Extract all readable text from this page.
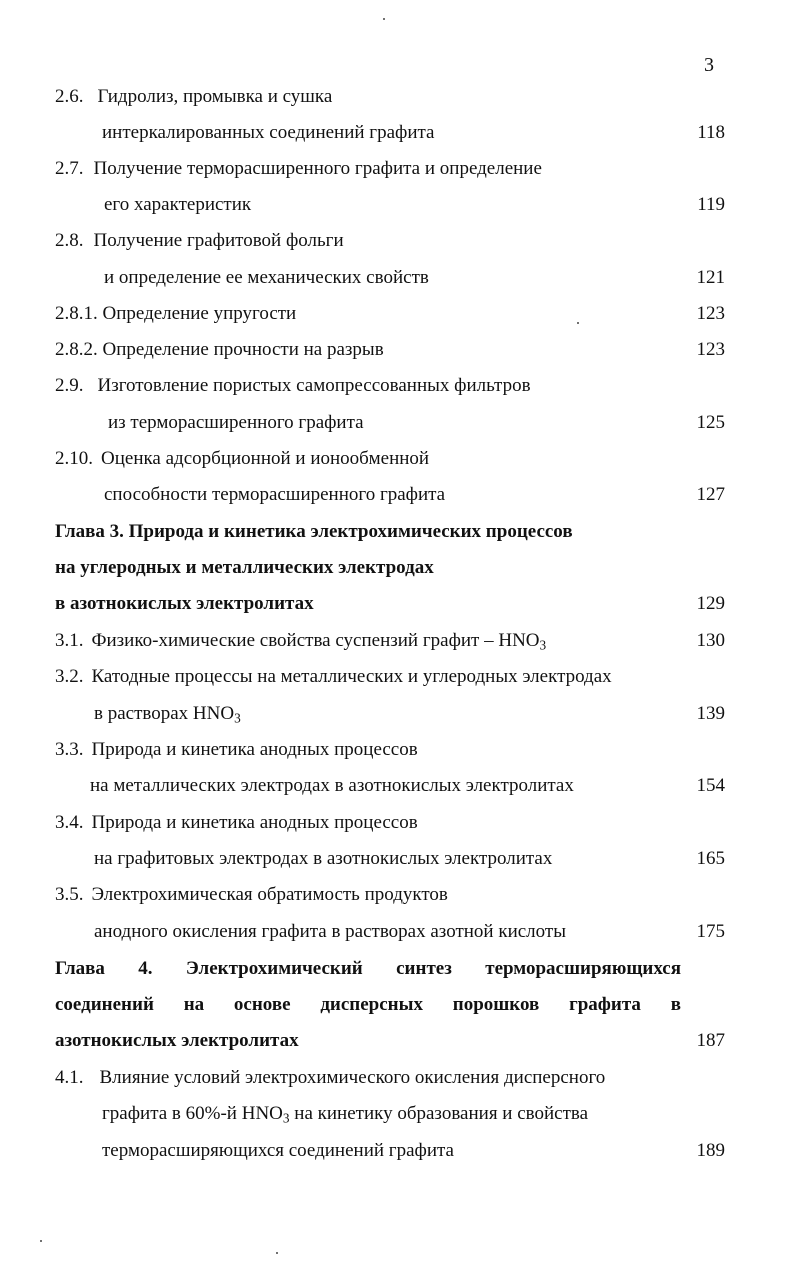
3
2.6. Гидролиз, промывка и сушка
интеркалированных соединений графита	118
2.7. Получение терморасширенного графита и определение
его характеристик	119
2.8. Получение графитовой фольги
и определение ее механических свойств	121
2.8.1. Определение упругости	123
2.8.2. Определение прочности на разрыв	123
2.9. Изготовление пористых самопрессованных фильтров
из терморасширенного графита	125
2.10. Оценка адсорбционной и ионообменной
способности терморасширенного графита	127
Глава 3. Природа и кинетика электрохимических процессов
на углеродных и металлических электродах
в азотнокислых электролитах	129
3.1. Физико-химические свойства суспензий графит – $HNO_3$	130
3.2. Катодные процессы на металлических и углеродных электродах
в растворах $HNO_3$	139
3.3. Природа и кинетика анодных процессов
на металлических электродах в азотнокислых электролитах	154
3.4. Природа и кинетика анодных процессов
на графитовых электродах в азотнокислых электролитах	165
3.5. Электрохимическая обратимость продуктов
анодного окисления графита в растворах азотной кислоты	175
Глава 4. Электрохимический синтез терморасширяющихся
соединений на основе дисперсных порошков графита в
азотнокислых электролитах	187
4.1. Влияние условий электрохимического окисления дисперсного
графита в 60%-й $HNO_3$ на кинетику образования и свойства
терморасширяющихся соединений графита	189
